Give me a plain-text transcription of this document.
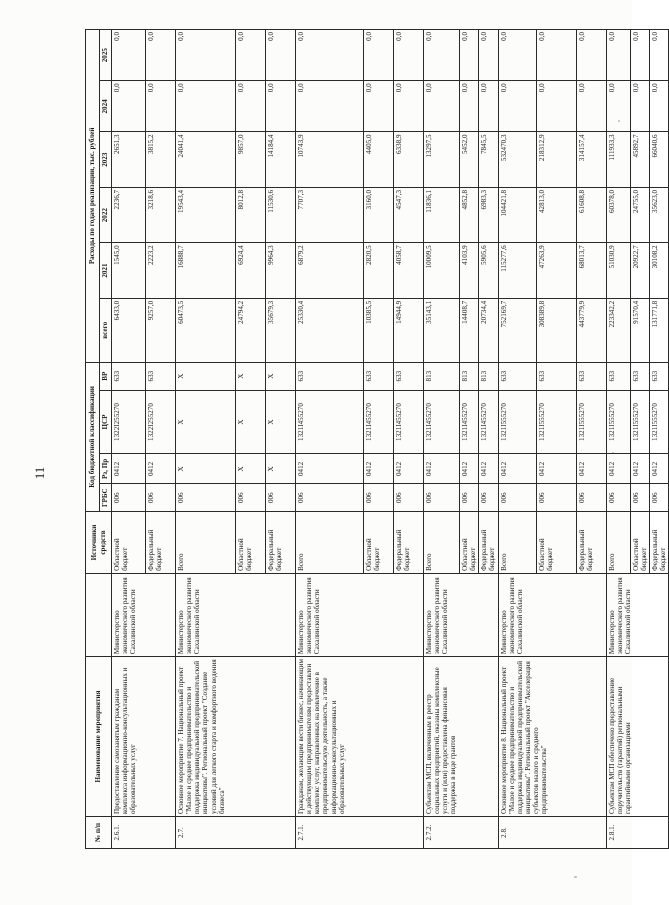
11
№ п/п	Наименование мероприятия		Источники средств	Код бюджетной классификации				Расходы по годам реализации, тыс. рублей					
				ГРБС	Рз, Пр	ЦСР	ВР	всего	2021	2022	2023	2024	2025
2.6.1.	Предоставление самозанятым гражданам комплекса информационно-консультационных и образовательных услуг	Министерство экономического развития Сахалинской области	Областной бюджет	006	0412	1322I255270	633	6433,0	1545,0	2236,7	2651,3	0,0	0,0
			Федеральный бюджет	006	0412	1322I255270	633	9257,0	2223,2	3218,6	3815,2	0,0	0,0
2.7.	Основное мероприятие 7. Национальный проект "Малое и среднее предпринимательство и поддержка индивидуальной предпринимательской инициативы". Региональный проект "Создание условий для легкого старта и комфортного ведения бизнеса"	Министерство экономического развития Сахалинской области	Всего	006	X	X	X	60473,5	16888,7	19543,4	24041,4	0,0	0,0
			Областной бюджет	006	X	X	X	24794,2	6924,4	8012,8	9857,0	0,0	0,0
			Федеральный бюджет	006	X	X	X	35679,3	9964,3	11530,6	14184,4	0,0	0,0
2.7.1.	Гражданам, желающим вести бизнес, начинающим и действующим предпринимателям предоставлен комплекс услуг, направленных на вовлечение в предпринимательскую деятельность, а также информационно-консультационных и образовательных услуг	Министерство экономического развития Сахалинской области	Всего	006	0412	1321I455270	633	25330,4	6879,2	7707,3	10743,9	0,0	0,0
			Областной бюджет	006	0412	1321I455270	633	10385,5	2820,5	3160,0	4405,0	0,0	0,0
			Федеральный бюджет	006	0412	1321I455270	633	14944,9	4058,7	4547,3	6338,9	0,0	0,0
2.7.2.	Субъектам МСП, включенным в реестр социальных предприятий, оказаны комплексные услуги и (или) предоставлена финансовая поддержка в виде грантов	Министерство экономического развития Сахалинской области	Всего	006	0412	1321I455270	813	35143,1	10009,5	11836,1	13297,5	0,0	0,0
			Областной бюджет	006	0412	1321I455270	813	14408,7	4103,9	4852,8	5452,0	0,0	0,0
			Федеральный бюджет	006	0412	1321I455270	813	20734,4	5905,6	6983,3	7845,5	0,0	0,0
2.8.	Основное мероприятие 8. Национальный проект "Малое и среднее предпринимательство и поддержка индивидуальной предпринимательской инициативы". Региональный проект "Акселерация субъектов малого и среднего предпринимательства"	Министерство экономического развития Сахалинской области	Всего	006	0412	1321I555270	633	752169,7	115277,6	104421,8	532470,3	0,0	0,0
			Областной бюджет	006	0412	1321I555270	633	308389,8	47263,9	42813,0	218312,9	0,0	0,0
			Федеральный бюджет	006	0412	1321I555270	633	443779,9	68013,7	61608,8	314157,4	0,0	0,0
2.8.1.	Субъектам МСП обеспечено предоставление поручительств (гарантий) региональными гарантийными организациями	Министерство экономического развития Сахалинской области	Всего	006	0412	1321I555270	633	223342,2	51030,9	60378,0	111933,3	0,0	0,0
			Областной бюджет	006	0412	1321I555270	633	91570,4	20922,7	24755,0	45892,7	0,0	0,0
			Федеральный бюджет	006	0412	1321I555270	633	131771,8	30108,2	35623,0	66040,6	0,0	0,0
